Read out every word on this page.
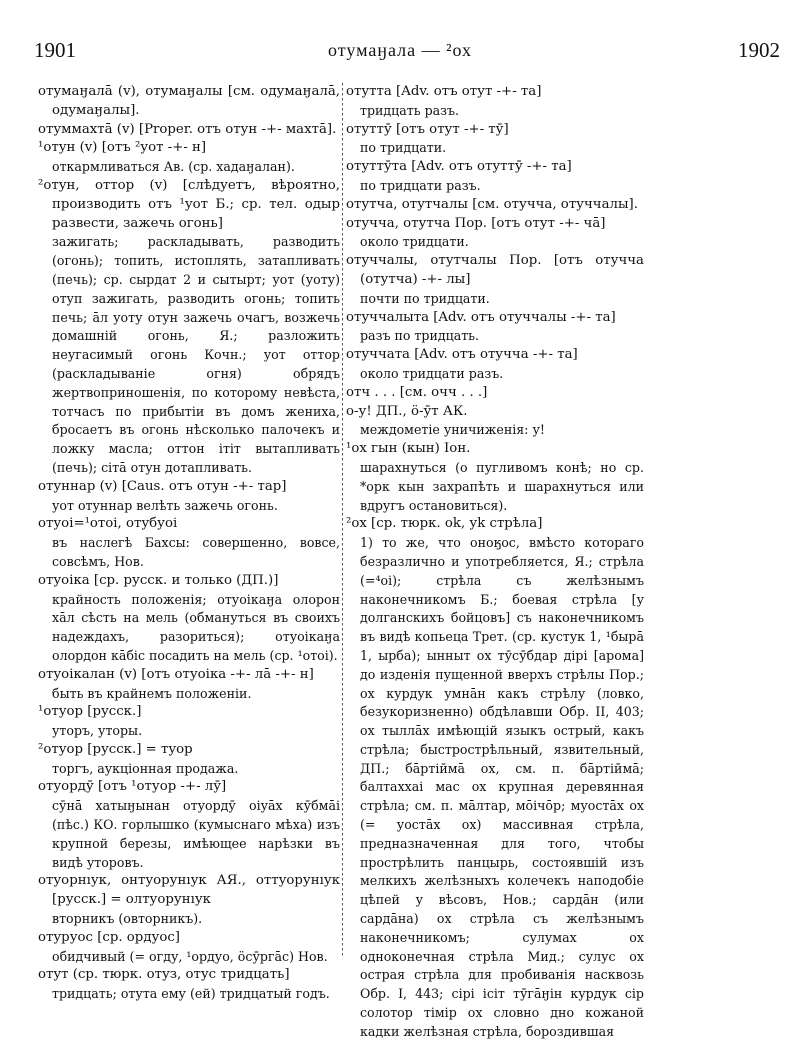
1901	отумаӈала — ²ох	1902

отумаӈалā (v), отумаӈалы [см. одумаӈалā, одумаӈалы].

отуммахтā (v) [Proper. отъ отун -+- махтā].

¹отун (v) [отъ ²уот -+- н]

откармливаться Ав. (ср. хадаӈалан).

²отун, оттор (v) [слѣдуетъ, вѣроятно, производить отъ ¹уот Б.; ср. тел. одыр развести, зажечь огонь]

зажигать; раскладывать, разводить (огонь); топить, истоплять, затапливать (печь); ср. сырдат 2 и сытырт; уот (уоту) отуп зажигать, разводить огонь; топить печь; āл уоту отун зажечь очагъ, возжечь домашній огонь, Я.; разложить неугасимый огонь Кочн.; уот оттор (раскладываніе огня) обрядъ жертвоприношенія, по которому невѣста, тотчасъ по прибытіи въ домъ жениха, бросаетъ въ огонь нѣсколько палочекъ и ложку масла; оттон ітіт вытапливать (печь); сітā отун дотапливать.

отуннар (v) [Caus. отъ отун -+- тар]

уот отуннар велѣть зажечь огонь.

отуоі=¹отоі, отубуоі

въ наслегѣ Бахсы: совершенно, вовсе, совсѣмъ, Нов.

отуоіка [ср. русск. и только (ДП.)]

крайность положенія; отуоікаӈа олорон хāл сѣсть на мель (обмануться въ своихъ надеждахъ, разориться); отуоікаӈа олордон кāбіс посадить на мель (ср. ¹отоі).

отуоікалан (v) [отъ отуоіка -+- лā -+- н]

быть въ крайнемъ положеніи.

¹отуор [русск.]

уторъ, уторы.

²отуор [русск.] = туор

торгъ, аукціонная продажа.

отуордӯ [отъ ¹отуор -+- лӯ]

сӯнā хатыӈынан отуордӯ оіуāх кӯбмāі (пѣс.) КО. горлышко (кумыснаго мѣха) изъ крупной березы, имѣющее нарѣзки въ видѣ уторовъ.

отуорнıук, онтуорунıук АЯ., оттуорунıук [русск.] = олтуорунıук

вторникъ (овторникъ).

отуруос [ср. ордуос]

обидчивый (= огду, ¹ордуо, öсӯргāс) Нов.

отут (ср. тюрк. отуз, отус тридцать]

тридцать; отута ему (ей) тридцатый годъ.

отутта [Adv. отъ отут -+- та]

тридцать разъ.

отуттӯ [отъ отут -+- тӯ]

по тридцати.

отуттӯта [Adv. отъ отуттӯ -+- та]

по тридцати разъ.

отутча, отутчалы [см. отучча, отуччалы].

отучча, отутча Пор. [отъ отут -+- чā]

около тридцати.

отуччалы, отутчалы Пор. [отъ отучча (отутча) -+- лы]

почти по тридцати.

отуччалыта [Adv. отъ отуччалы -+- та]

разъ по тридцать.

отуччата [Adv. отъ отучча -+- та]

около тридцати разъ.

отч . . . [см. очч . . .]

о-у! ДП., ö-ӯт АК.

междометіе уничиженія: у!

¹ох гын (кын) Іон.

шарахнуться (о пугливомъ конѣ; но ср. *орк кын захрапѣть и шарахнуться или вдругъ остановиться).

²ох [ср. тюрк. ok, уk стрѣла]

1) то же, что оноӄос, вмѣсто котораго безразлично и употребляется, Я.; стрѣла (=⁴оі); стрѣла съ желѣзнымъ наконечникомъ Б.; боевая стрѣла [у долганскихъ бойцовъ] съ наконечникомъ въ видѣ копьеца Трет. (ср. кустук 1, ¹бырā 1, ырба); ынныт ох тӯсӯбдар дірі [арома] до изденія пущенной вверхъ стрѣлы Пор.; ох курдук умнāн какъ стрѣлу (ловко, безукоризненно) обдѣлавши Обр. II, 403; ох тыллāх имѣющій языкъ острый, какъ стрѣла; быстрострѣльный, язвительный, ДП.; бāртіӣмā ох, см. п. бāртіӣмā; балтаххаі мас ох крупная деревянная стрѣла; см. п. мāлтар, мōічōр; муостāх ох (= уостāх ох) массивная стрѣла, предназначенная для того, чтобы прострѣлить панцырь, состоявшій изъ мелкихъ желѣзныхъ колечекъ наподобіе цѣпей у вѣсовъ, Нов.; сардāн (или сардāна) ох стрѣла съ желѣзнымъ наконечникомъ; сулумах ох одноконечная стрѣла Мид.; сулус ох острая стрѣла для пробиванія насквозь Обр. I, 443; сірі ісіт тӯгāӈін курдук сір солотор тімір ох словно дно кожаной кадки желѣзная стрѣла, бороздившая
